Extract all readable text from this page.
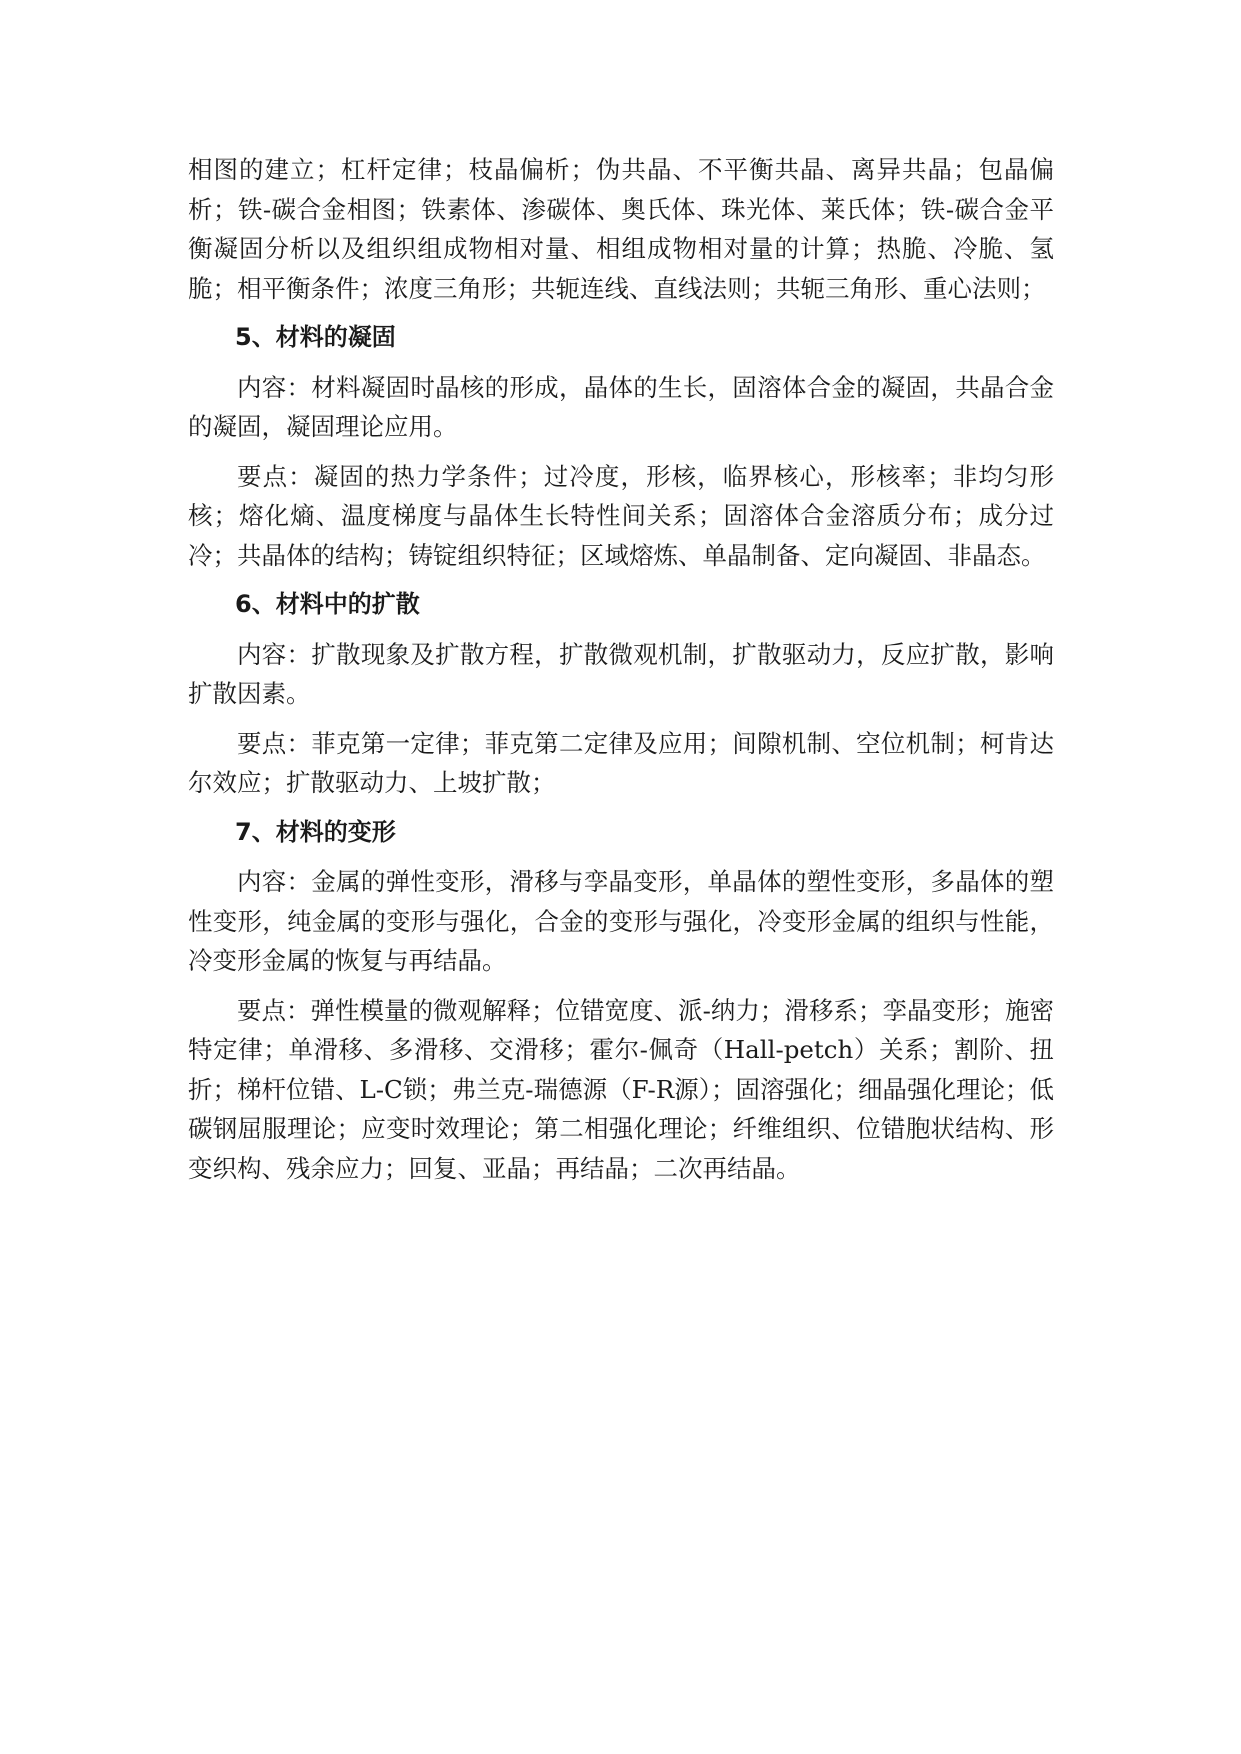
相图的建立；杠杆定律；枝晶偏析；伪共晶、不平衡共晶、离异共晶；包晶偏析；铁-碳合金相图；铁素体、渗碳体、奥氏体、珠光体、莱氏体；铁-碳合金平衡凝固分析以及组织组成物相对量、相组成物相对量的计算；热脆、冷脆、氢脆；相平衡条件；浓度三角形；共轭连线、直线法则；共轭三角形、重心法则；

5、材料的凝固

内容：材料凝固时晶核的形成，晶体的生长，固溶体合金的凝固，共晶合金的凝固，凝固理论应用。

要点：凝固的热力学条件；过冷度，形核，临界核心，形核率；非均匀形核；熔化熵、温度梯度与晶体生长特性间关系；固溶体合金溶质分布；成分过冷；共晶体的结构；铸锭组织特征；区域熔炼、单晶制备、定向凝固、非晶态。

6、材料中的扩散

内容：扩散现象及扩散方程，扩散微观机制，扩散驱动力，反应扩散，影响扩散因素。

要点：菲克第一定律；菲克第二定律及应用；间隙机制、空位机制；柯肯达尔效应；扩散驱动力、上坡扩散；

7、材料的变形

内容：金属的弹性变形，滑移与孪晶变形，单晶体的塑性变形，多晶体的塑性变形，纯金属的变形与强化，合金的变形与强化，冷变形金属的组织与性能，冷变形金属的恢复与再结晶。

要点：弹性模量的微观解释；位错宽度、派-纳力；滑移系；孪晶变形；施密特定律；单滑移、多滑移、交滑移；霍尔-佩奇（Hall-petch）关系；割阶、扭折；梯杆位错、L-C锁；弗兰克-瑞德源（F-R源）；固溶强化；细晶强化理论；低碳钢屈服理论；应变时效理论；第二相强化理论；纤维组织、位错胞状结构、形变织构、残余应力；回复、亚晶；再结晶；二次再结晶。
